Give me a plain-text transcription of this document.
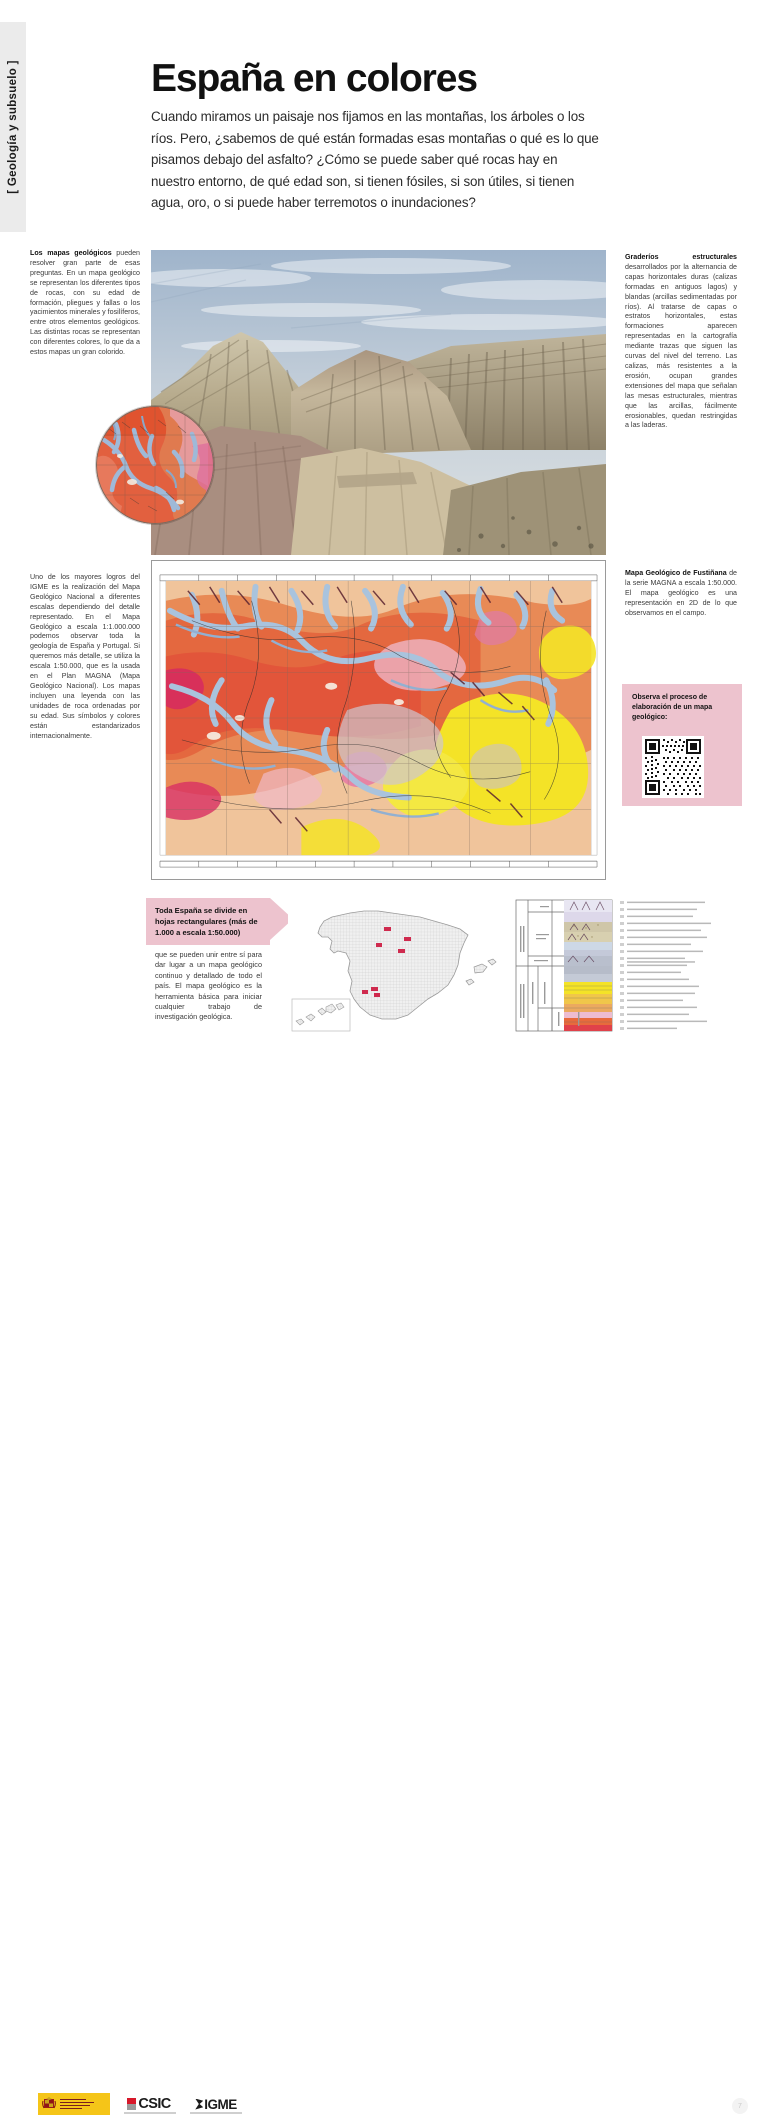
[ Geología y subsuelo ]	España en colores

Cuando miramos un paisaje nos fijamos en las montañas, los árboles o los ríos. Pero, ¿sabemos de qué están formadas esas montañas o qué es lo que pisamos debajo del asfalto? ¿Cómo se puede saber qué rocas hay en nuestro entorno, de qué edad son, si tienen fósiles, si son útiles, si tienen agua, oro, o si puede haber terremotos o inundaciones?

Los mapas geológicos pueden resolver gran parte de esas preguntas. En un mapa geológico se representan los diferentes tipos de rocas, con su edad de formación, pliegues y fallas o los yacimientos minerales y fosilíferos, entre otros elementos geológicos. Las distintas rocas se representan con diferentes colores, lo que da a estos mapas un gran colorido.
Uno de los mayores logros del IGME es la realización del Mapa Geológico Nacional a diferentes escalas dependiendo del detalle representado. En el Mapa Geológico a escala 1:1.000.000 podemos observar toda la geología de España y Portugal. Si queremos más detalle, se utiliza la escala 1:50.000, que es la usada en el Plan MAGNA (Mapa Geológico Nacional). Los mapas incluyen una leyenda con las unidades de roca ordenadas por su edad. Sus símbolos y colores están estandarizados internacionalmente.
Graderíos estructurales desarrollados por la alternancia de capas horizontales duras (calizas formadas en antiguos lagos) y blandas (arcillas sedimentadas por ríos). Al tratarse de capas o estratos horizontales, estas formaciones aparecen representadas en la cartografía mediante trazas que siguen las curvas del nivel del terreno. Las calizas, más resistentes a la erosión, ocupan grandes extensiones del mapa que señalan las mesas estructurales, mientras que las arcillas, fácilmente erosionables, quedan restringidas a las laderas.
Mapa Geológico de Fustiñana de la serie MAGNA a escala 1:50.000. El mapa geológico es una representación en 2D de lo que observamos en el campo.
Toda España se divide en hojas rectangulares (más de 1.000 a escala 1:50.000)
que se pueden unir entre sí para dar lugar a un mapa geológico continuo y detallado de todo el país. El mapa geológico es la herramienta básica para iniciar cualquier trabajo de investigación geológica.
Observa el proceso de elaboración de un mapa geológico:
CSIC IGME	7
